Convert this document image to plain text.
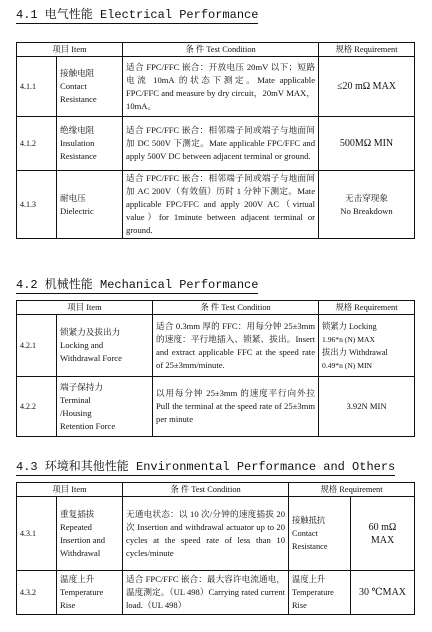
4.1 电气性能 Electrical Performance
项目 Item		条 件 Test Condition	规格 Requirement
4.1.1	接触电阻
Contact
Resistance	适合 FPC/FFC 嵌合：开放电压 20mV 以下；短路电流 10mA 的状态下测定。Mate applicable FPC/FFC and measure by dry circuit，20mV MAX，10mA。	≤20 mΩ MAX
4.1.2	绝缘电阻
Insulation
Resistance	适合 FPC/FFC 嵌合：相邻端子间或端子与地面间加 DC 500V 下测定。Mate applicable FPC/FFC and apply 500V DC between adjacent terminal or ground.	500MΩ MIN
4.1.3	耐电压
Dielectric	适合 FPC/FFC 嵌合：相邻端子间或端子与地面间加 AC 200V（有效值）历时 1 分钟下测定。Mate applicable FPC/FFC and apply 200V AC（virtual value）for 1minute between adjacent terminal or ground.	无击穿现象
No Breakdown
4.2 机械性能 Mechanical Performance
项目 Item		条 件 Test Condition	规格 Requirement
4.2.1	锁紧力及拔出力
Locking and
Withdrawal Force	适合 0.3mm 厚的 FFC：用每分钟 25±3mm 的速度：平行地插入、锁紧、拔出。Insert and extract applicable FFC at the speed rate of 25±3mm/minute.	锁紧力 Locking
1.96*n (N) MAX
拔出力 Withdrawal
0.49*n (N) MIN

4.2.2	端子保持力
Terminal
/Housing
Retention Force	以用每分钟 25±3mm 的速度平行向外拉 Pull the terminal at the speed rate of 25±3mm per minute	3.92N MIN
4.3 环境和其他性能 Environmental Performance and Others
项目 Item		条 件 Test Condition	规格 Requirement	
4.3.1	重复插拔
Repeated
Insertion and
Withdrawal	无通电状态：以 10 次/分钟的速度插拔 20 次 Insertion and withdrawal actuator up to 20 cycles at the speed rate of less than 10 cycles/minute	接触抵抗
Contact
Resistance	60 mΩ
MAX

4.3.2	温度上升
Temperature
Rise	适合 FPC/FFC 嵌合：最大容许电流通电，温度测定。（UL 498）Carrying rated current load.（UL 498）	温度上升
Temperature
Rise	30 ℃MAX
